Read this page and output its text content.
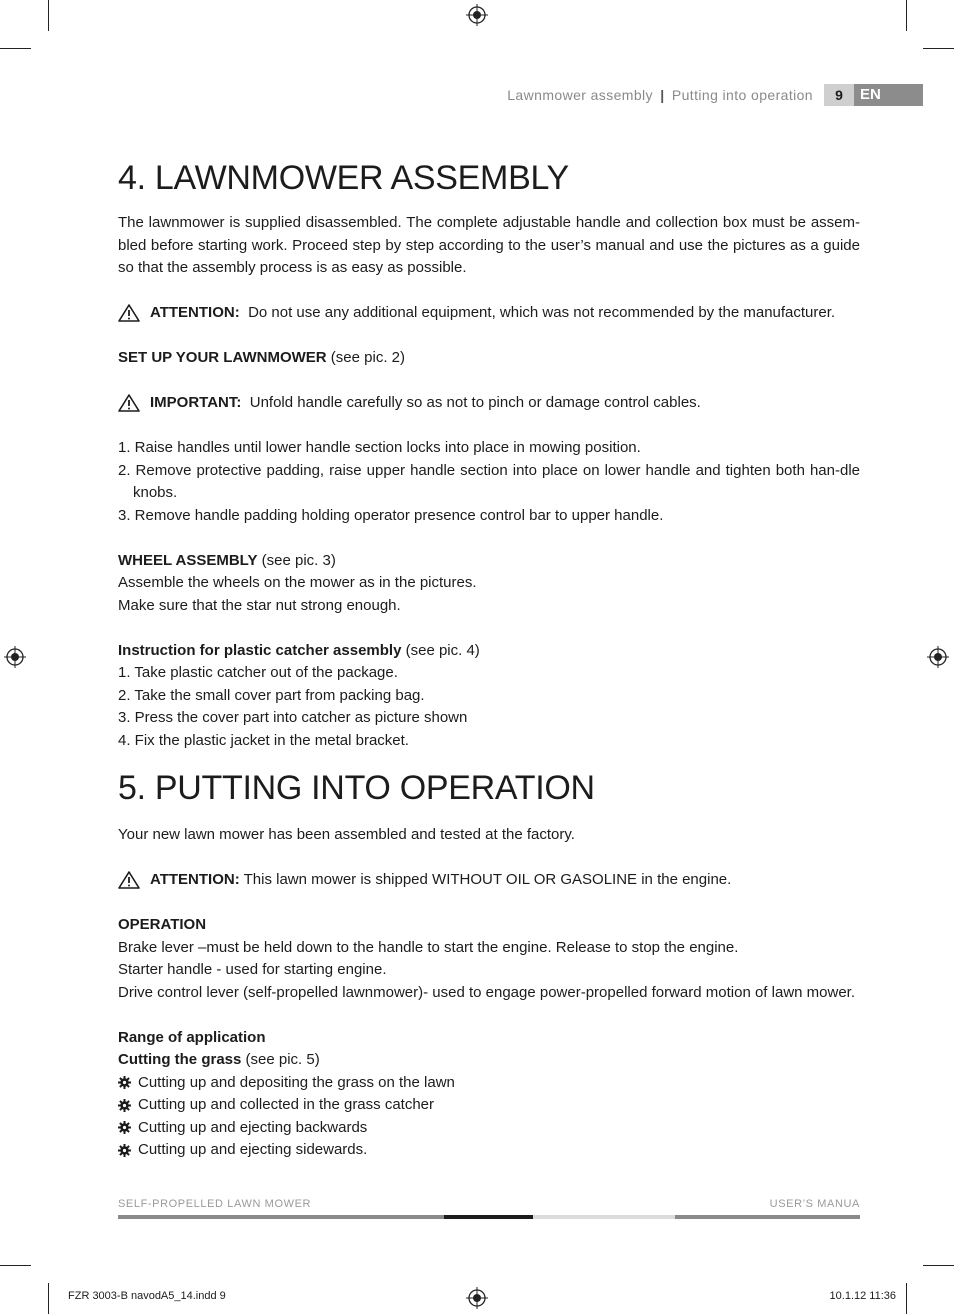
Lawnmower assembly | Putting into operation	9	EN
4. LAWNMOWER ASSEMBLY

The lawnmower is supplied disassembled. The complete adjustable handle and collection box must be assem-bled before starting work. Proceed step by step according to the user’s manual and use the pictures as a guide so that the assembly process is as easy as possible.

ATTENTION: Do not use any additional equipment, which was not recommended by the manufacturer.

SET UP YOUR LAWNMOWER (see pic. 2)

IMPORTANT: Unfold handle carefully so as not to pinch or damage control cables.

1. Raise handles until lower handle section locks into place in mowing position.
2. Remove protective padding, raise upper handle section into place on lower handle and tighten both han-dle knobs.
3. Remove handle padding holding operator presence control bar to upper handle.

WHEEL ASSEMBLY (see pic. 3)

Assemble the wheels on the mower as in the pictures.

Make sure that the star nut strong enough.

Instruction for plastic catcher assembly (see pic. 4)

1. Take plastic catcher out of the package.

2. Take the small cover part from packing bag.

3. Press the cover part into catcher as picture shown

4. Fix the plastic jacket in the metal bracket.

5. PUTTING INTO OPERATION

Your new lawn mower has been assembled and tested at the factory.

ATTENTION: This lawn mower is shipped WITHOUT OIL OR GASOLINE in the engine.

OPERATION

Brake lever –must be held down to the handle to start the engine. Release to stop the engine.

Starter handle - used for starting engine.

Drive control lever (self-propelled lawnmower)- used to engage power-propelled forward motion of lawn mower.

Range of application

Cutting the grass (see pic. 5)

Cutting up and depositing the grass on the lawn
Cutting up and collected in the grass catcher
Cutting up and ejecting backwards
Cutting up and ejecting sidewards.
SELF-PROPELLED LAWN MOWER	USER’S MANUA
FZR 3003-B navodA5_14.indd 9	10.1.12 11:36
